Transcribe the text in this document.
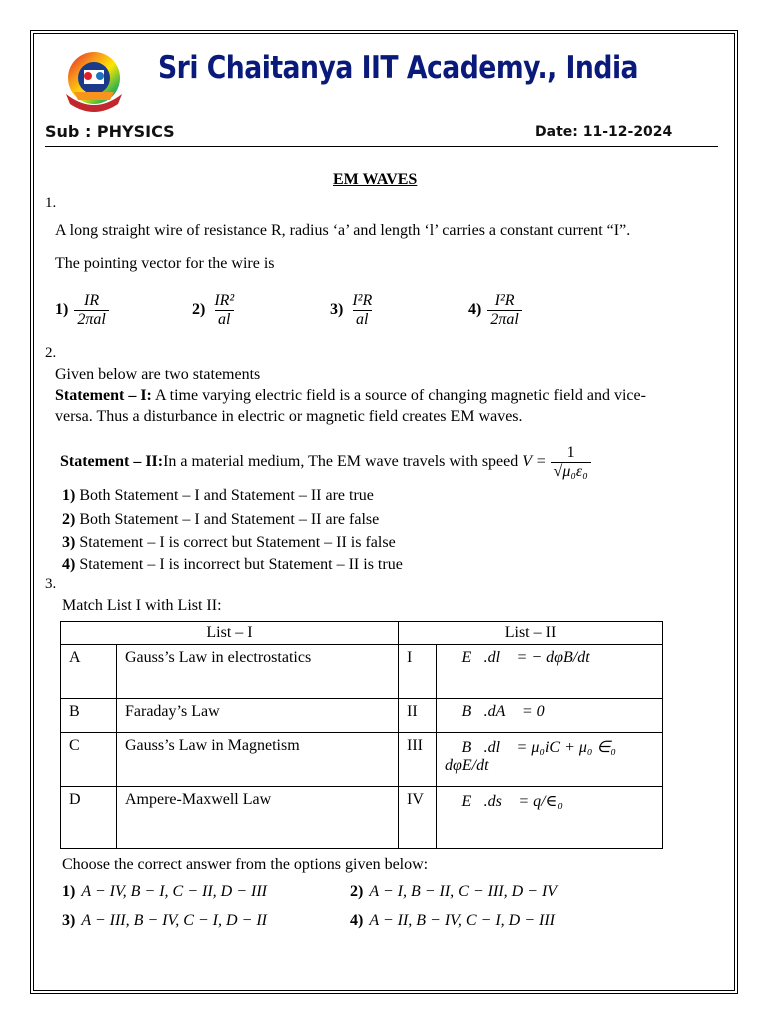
Sri Chaitanya IIT Academy., India
Sub : PHYSICS	Date: 11-12-2024
EM WAVES
1.
A long straight wire of resistance R, radius ‘a’ and length ‘l’ carries a constant current “I”.
The pointing vector for the wire is
$1) \frac{IR}{\text{2πal}}$	$2) \frac{\text{IR²}}{al}$	$3) \frac{\text{I²R}}{al}$	$4) \frac{\text{I²R}}{\text{2πal}}$
2.
Given below are two statements
Statement – I: A time varying electric field is a source of changing magnetic field and vice-
versa. Thus a disturbance in electric or magnetic field creates EM waves.
Statement – II: In a material medium, The EM wave travels with speed $V = \frac{1}{\text{√μ₀ε₀}}$
1) Both Statement – I and Statement – II are true
2) Both Statement – I and Statement – II are false
3) Statement – I is correct but Statement – II is false
4) Statement – I is incorrect but Statement – II is true
3.
Match List I with List II:
List – I		List – II	
A	Gauss’s Law in electrostatics	I	∮ E⃗.dl⃗ = − dφB/dt
B	Faraday’s Law	II	∮ B⃗.dA⃗ = 0
C	Gauss’s Law in Magnetism	III	∮ B⃗.dl⃗ = μ₀iC + μ₀ ∈₀ dφE/dt
D	Ampere-Maxwell Law	IV	∮ E⃗.ds⃗ = q/∈₀
Choose the correct answer from the options given below:
1) A − IV, B − I, C − II, D − III	2) A − I, B − II, C − III, D − IV
3) A − III, B − IV, C − I, D − II	4) A − II, B − IV, C − I, D − III
